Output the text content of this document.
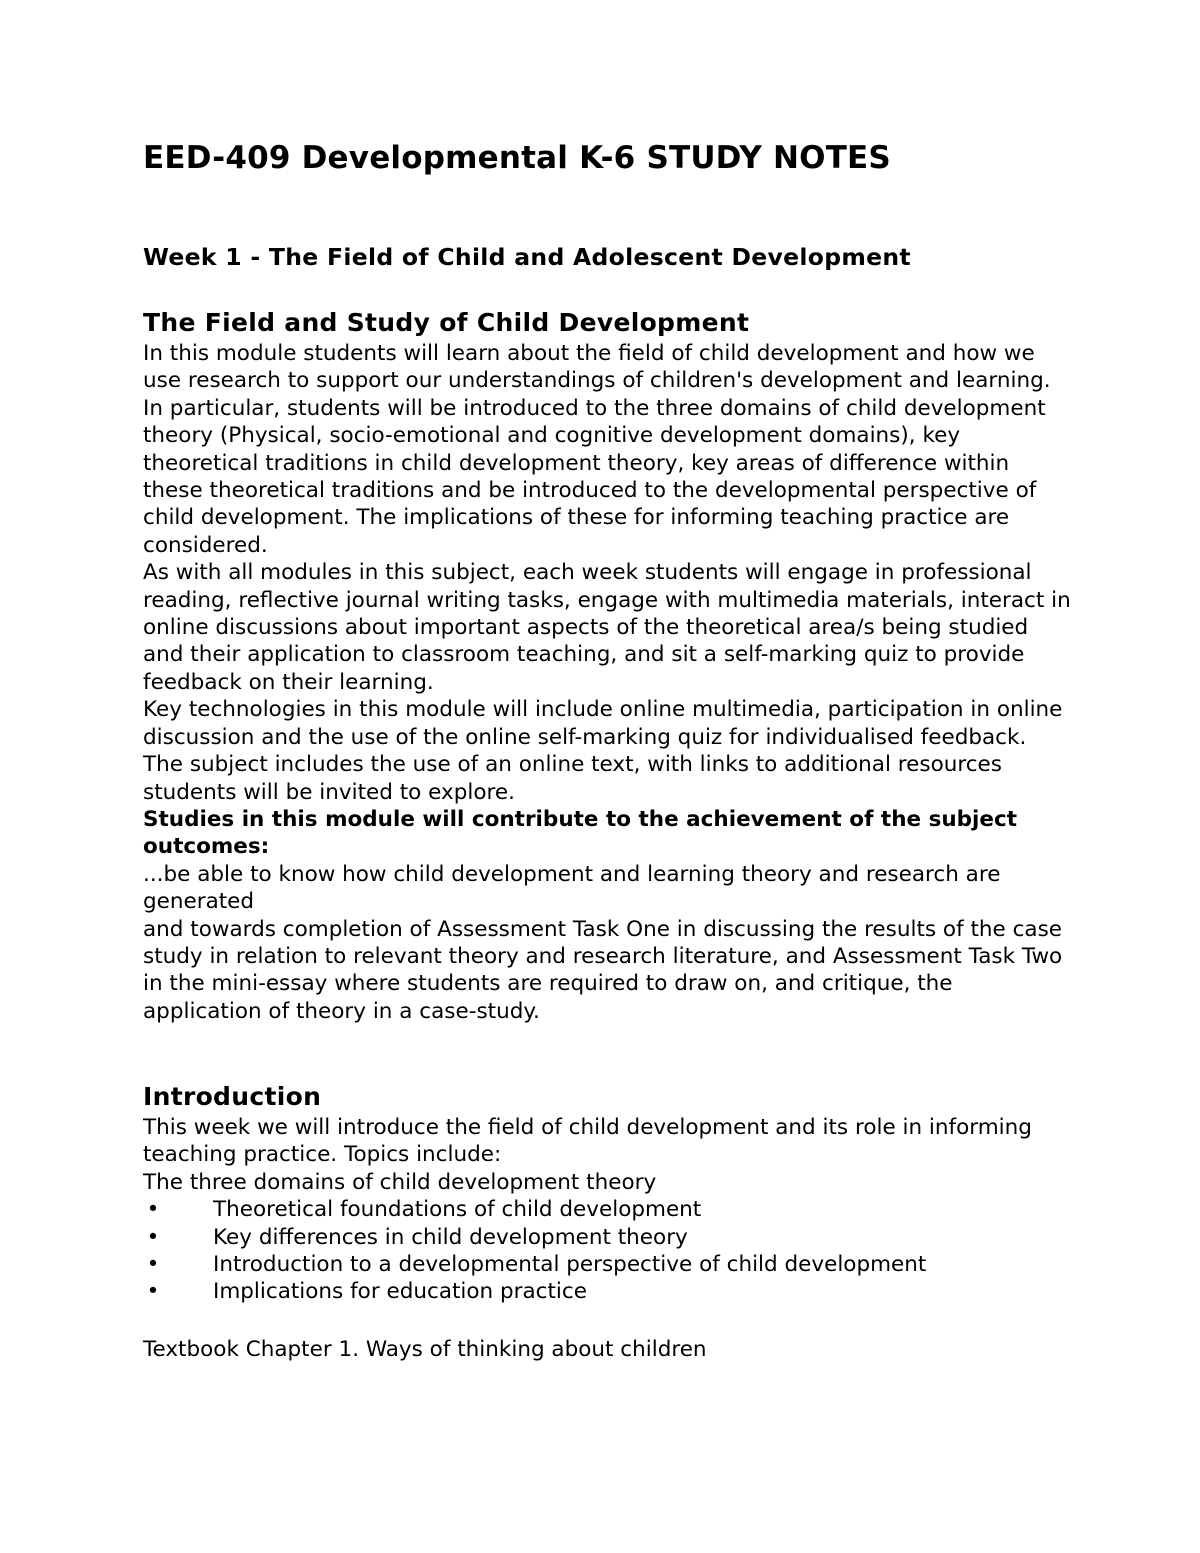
EED-409 Developmental K-6 STUDY NOTES
Week 1 - The Field of Child and Adolescent Development
The Field and Study of Child Development

In this module students will learn about the field of child development and how we use research to support our understandings of children's development and learning. In particular, students will be introduced to the three domains of child development theory (Physical, socio-emotional and cognitive development domains), key theoretical traditions in child development theory, key areas of difference within these theoretical traditions and be introduced to the developmental perspective of child development. The implications of these for informing teaching practice are considered.

As with all modules in this subject, each week students will engage in professional reading, reflective journal writing tasks, engage with multimedia materials, interact in online discussions about important aspects of the theoretical area/s being studied and their application to classroom teaching, and sit a self-marking quiz to provide feedback on their learning.

Key technologies in this module will include online multimedia, participation in online discussion and the use of the online self-marking quiz for individualised feedback. The subject includes the use of an online text, with links to additional resources students will be invited to explore.

Studies in this module will contribute to the achievement of the subject outcomes:

...be able to know how child development and learning theory and research are generated

and towards completion of Assessment Task One in discussing the results of the case study in relation to relevant theory and research literature, and Assessment Task Two in the mini-essay where students are required to draw on, and critique, the application of theory in a case-study.

Introduction

This week we will introduce the field of child development and its role in informing teaching practice. Topics include:

The three domains of child development theory

• Theoretical foundations of child development
• Key differences in child development theory
• Introduction to a developmental perspective of child development
• Implications for education practice

Textbook Chapter 1. Ways of thinking about children
